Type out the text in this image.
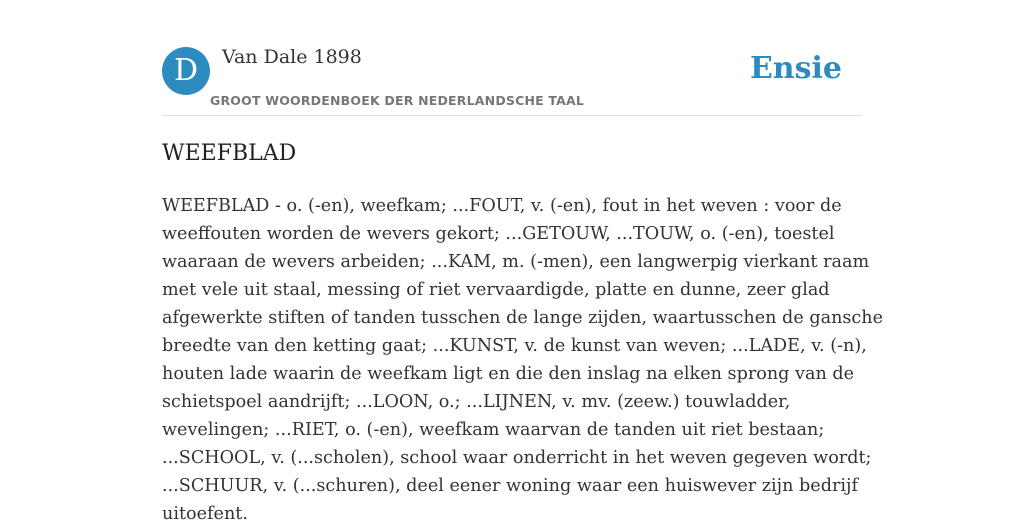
D	Van Dale 1898
GROOT WOORDENBOEK DER NEDERLANDSCHE TAAL
Ensie
WEEFBLAD
WEEFBLAD - o. (-en), weefkam; ...FOUT, v. (-en), fout in het weven : voor de
weeffouten worden de wevers gekort; ...GETOUW, ...TOUW, o. (-en), toestel
waaraan de wevers arbeiden; ...KAM, m. (-men), een langwerpig vierkant raam
met vele uit staal, messing of riet vervaardigde, platte en dunne, zeer glad
afgewerkte stiften of tanden tusschen de lange zijden, waartusschen de gansche
breedte van den ketting gaat; ...KUNST, v. de kunst van weven; ...LADE, v. (-n),
houten lade waarin de weefkam ligt en die den inslag na elken sprong van de
schietspoel aandrijft; ...LOON, o.; ...LIJNEN, v. mv. (zeew.) touwladder,
wevelingen; ...RIET, o. (-en), weefkam waarvan de tanden uit riet bestaan;
...SCHOOL, v. (...scholen), school waar onderricht in het weven gegeven wordt;
...SCHUUR, v. (...schuren), deel eener woning waar een huiswever zijn bedrijf
uitoefent.
